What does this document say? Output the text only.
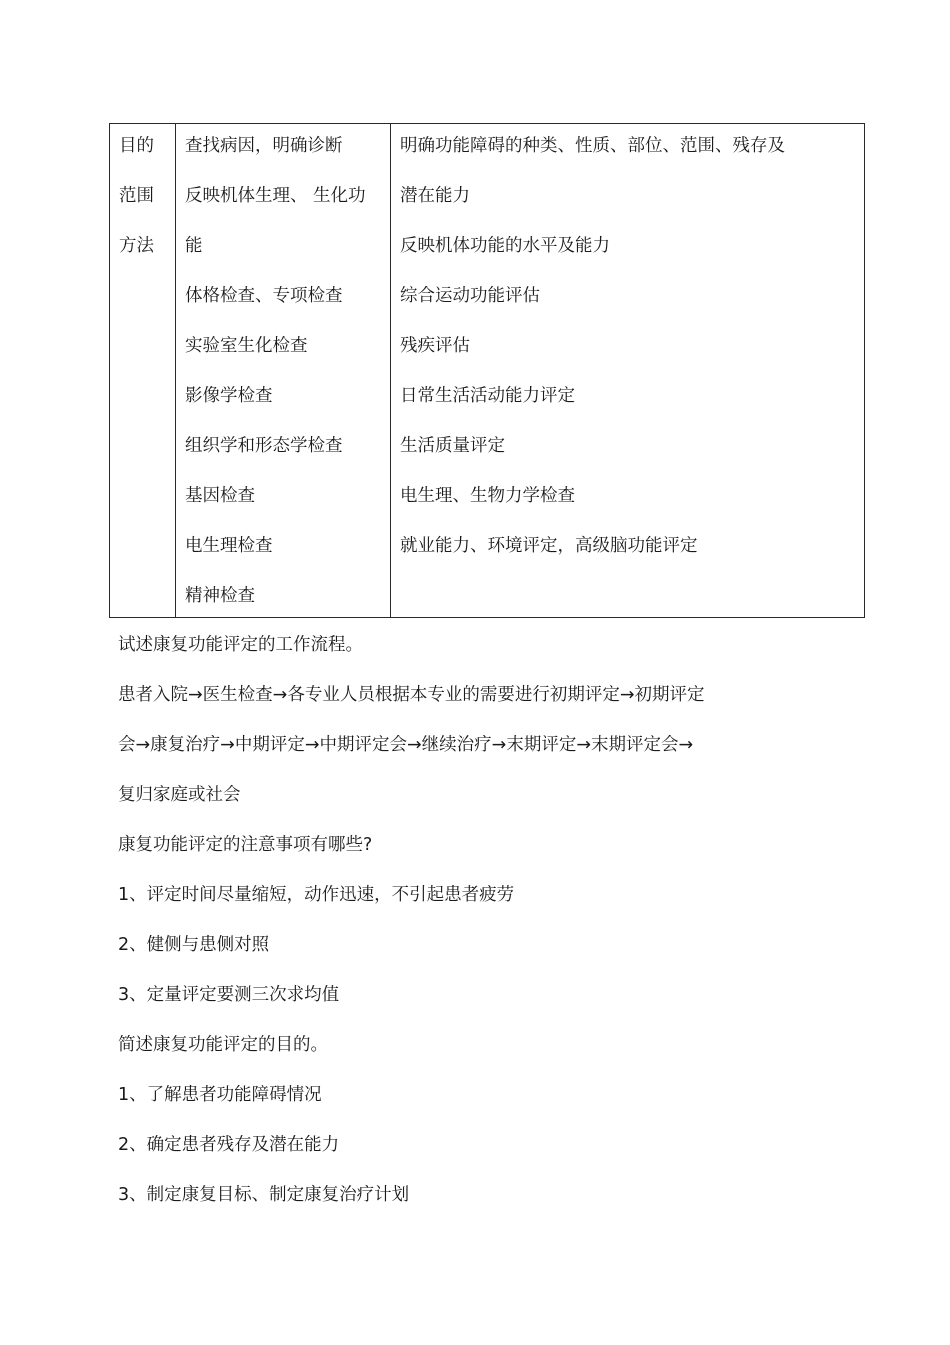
目的
范围
方法
查找病因，明确诊断
反映机体生理、 生化功
能
体格检查、专项检查
实验室生化检查
影像学检查
组织学和形态学检查
基因检查
电生理检查
精神检查
明确功能障碍的种类、性质、部位、范围、残存及
潜在能力
反映机体功能的水平及能力
综合运动功能评估
残疾评估
日常生活活动能力评定
生活质量评定
电生理、生物力学检查
就业能力、环境评定，高级脑功能评定
试述康复功能评定的工作流程。
患者入院→医生检查→各专业人员根据本专业的需要进行初期评定→初期评定
会→康复治疗→中期评定→中期评定会→继续治疗→末期评定→末期评定会→
复归家庭或社会
康复功能评定的注意事项有哪些?
1、评定时间尽量缩短，动作迅速，不引起患者疲劳
2、健侧与患侧对照
3、定量评定要测三次求均值
简述康复功能评定的目的。
1、了解患者功能障碍情况
2、确定患者残存及潜在能力
3、制定康复目标、制定康复治疗计划
